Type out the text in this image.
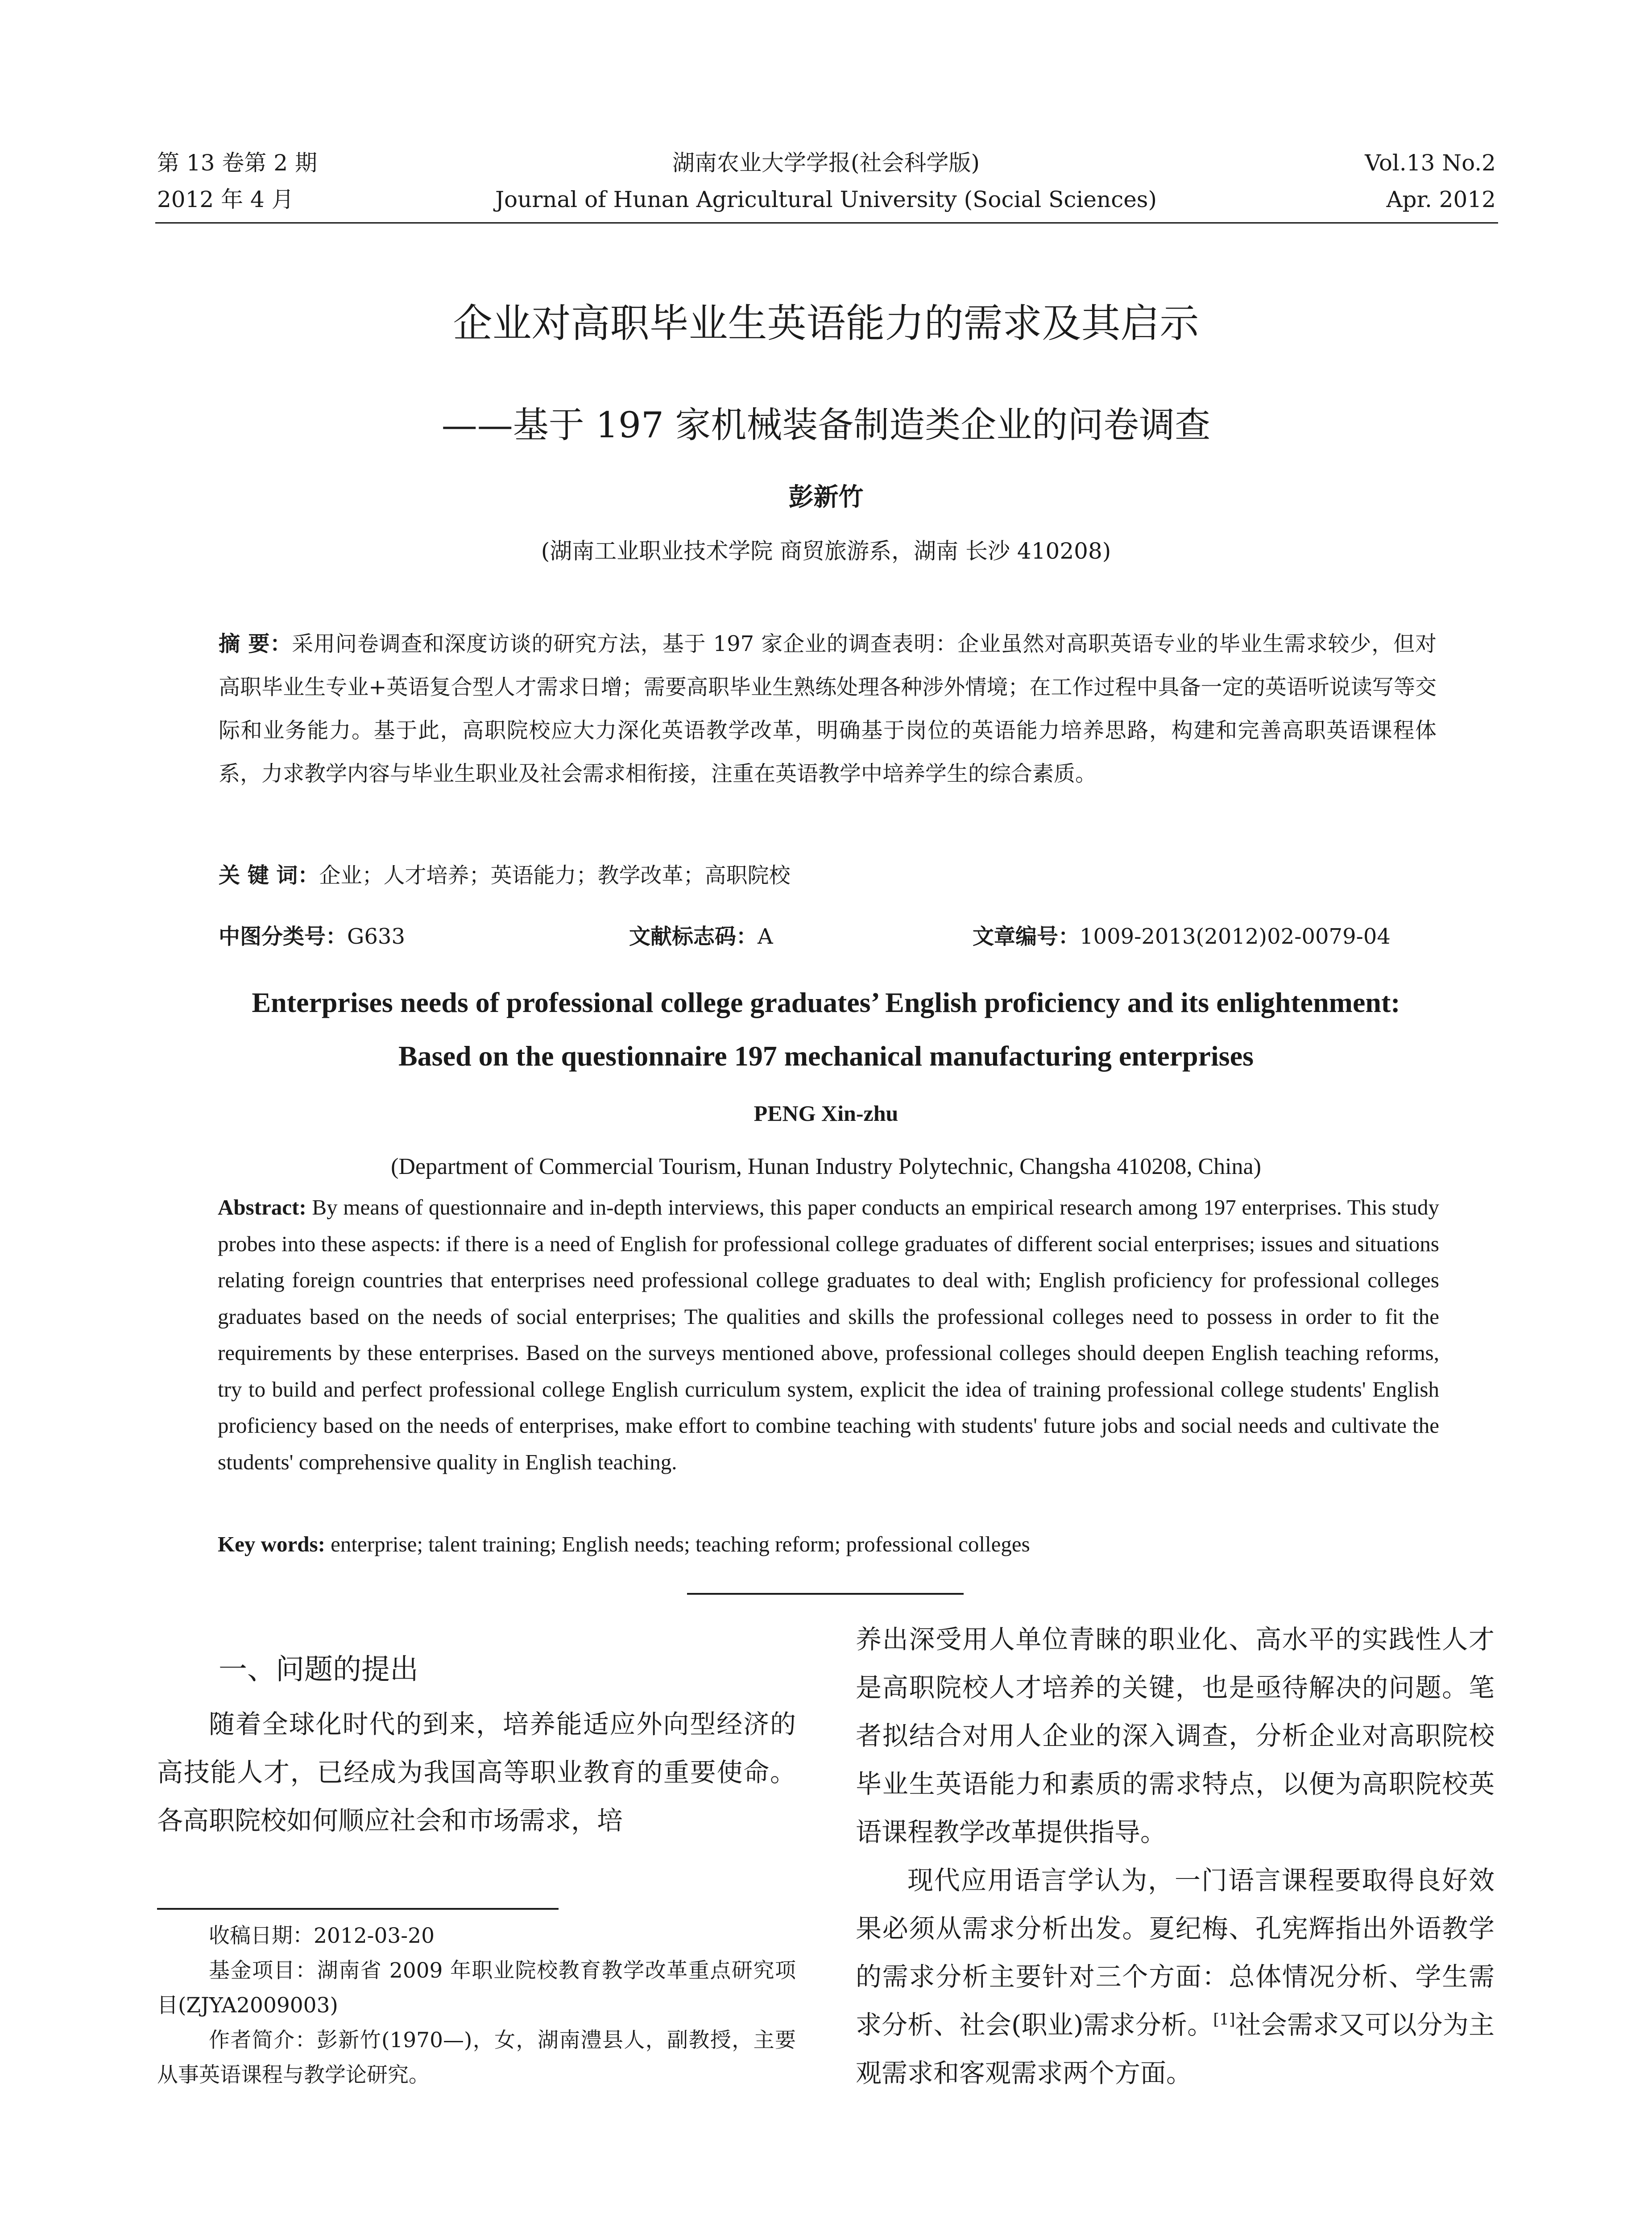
第 13 卷第 2 期	湖南农业大学学报(社会科学版)	Vol.13 No.2
2012 年 4 月	Journal of Hunan Agricultural University (Social Sciences)	Apr. 2012
企业对高职毕业生英语能力的需求及其启示
——基于 197 家机械装备制造类企业的问卷调查
彭新竹
(湖南工业职业技术学院 商贸旅游系，湖南 长沙 410208)
摘 要：采用问卷调查和深度访谈的研究方法，基于 197 家企业的调查表明：企业虽然对高职英语专业的毕业生需求较少，但对高职毕业生专业+英语复合型人才需求日增；需要高职毕业生熟练处理各种涉外情境；在工作过程中具备一定的英语听说读写等交际和业务能力。基于此，高职院校应大力深化英语教学改革，明确基于岗位的英语能力培养思路，构建和完善高职英语课程体系，力求教学内容与毕业生职业及社会需求相衔接，注重在英语教学中培养学生的综合素质。
关 键 词：企业；人才培养；英语能力；教学改革；高职院校
中图分类号：G633	文献标志码：A	文章编号：1009-2013(2012)02-0079-04
Enterprises needs of professional college graduates’ English proficiency and its enlightenment:
Based on the questionnaire 197 mechanical manufacturing enterprises
PENG Xin-zhu
(Department of Commercial Tourism, Hunan Industry Polytechnic, Changsha 410208, China)
Abstract: By means of questionnaire and in-depth interviews, this paper conducts an empirical research among 197 enterprises. This study probes into these aspects: if there is a need of English for professional college graduates of different social enterprises; issues and situations relating foreign countries that enterprises need professional college graduates to deal with; English proficiency for professional colleges graduates based on the needs of social enterprises; The qualities and skills the professional colleges need to possess in order to fit the requirements by these enterprises. Based on the surveys mentioned above, professional colleges should deepen English teaching reforms, try to build and perfect professional college English curriculum system, explicit the idea of training professional college students' English proficiency based on the needs of enterprises, make effort to combine teaching with students' future jobs and social needs and cultivate the students' comprehensive quality in English teaching.
Key words: enterprise; talent training; English needs; teaching reform; professional colleges
一、问题的提出
随着全球化时代的到来，培养能适应外向型经济的高技能人才，已经成为我国高等职业教育的重要使命。各高职院校如何顺应社会和市场需求，培
收稿日期：2012-03-20
基金项目：湖南省 2009 年职业院校教育教学改革重点研究项目(ZJYA2009003)
作者简介：彭新竹(1970—)，女，湖南澧县人，副教授，主要从事英语课程与教学论研究。
养出深受用人单位青睐的职业化、高水平的实践性人才是高职院校人才培养的关键，也是亟待解决的问题。笔者拟结合对用人企业的深入调查，分析企业对高职院校毕业生英语能力和素质的需求特点，以便为高职院校英语课程教学改革提供指导。
现代应用语言学认为，一门语言课程要取得良好效果必须从需求分析出发。夏纪梅、孔宪辉指出外语教学的需求分析主要针对三个方面：总体情况分析、学生需求分析、社会(职业)需求分析。[1]社会需求又可以分为主观需求和客观需求两个方面。
